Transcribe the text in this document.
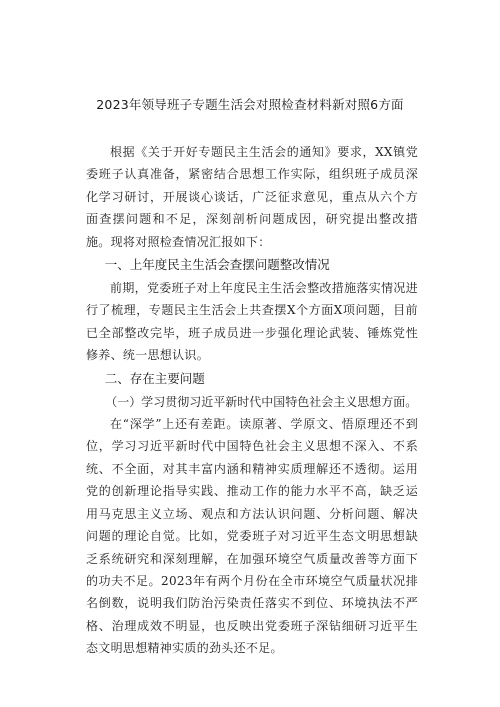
2023年领导班子专题生活会对照检查材料新对照6方面

根据《关于开好专题民主生活会的通知》要求，XX镇党委班子认真准备，紧密结合思想工作实际，组织班子成员深化学习研讨，开展谈心谈话，广泛征求意见，重点从六个方面查摆问题和不足，深刻剖析问题成因，研究提出整改措施。现将对照检查情况汇报如下：

一、上年度民主生活会查摆问题整改情况

前期，党委班子对上年度民主生活会整改措施落实情况进行了梳理，专题民主生活会上共查摆X个方面X项问题，目前已全部整改完毕，班子成员进一步强化理论武装、锤炼党性修养、统一思想认识。

二、存在主要问题

（一）学习贯彻习近平新时代中国特色社会主义思想方面。

在“深学”上还有差距。读原著、学原文、悟原理还不到位，学习习近平新时代中国特色社会主义思想不深入、不系统、不全面，对其丰富内涵和精神实质理解还不透彻。运用党的创新理论指导实践、推动工作的能力水平不高，缺乏运用马克思主义立场、观点和方法认识问题、分析问题、解决问题的理论自觉。比如，党委班子对习近平生态文明思想缺乏系统研究和深刻理解，在加强环境空气质量改善等方面下的功夫不足。2023年有两个月份在全市环境空气质量状况排名倒数，说明我们防治污染责任落实不到位、环境执法不严格、治理成效不明显，也反映出党委班子深钻细研习近平生态文明思想精神实质的劲头还不足。
